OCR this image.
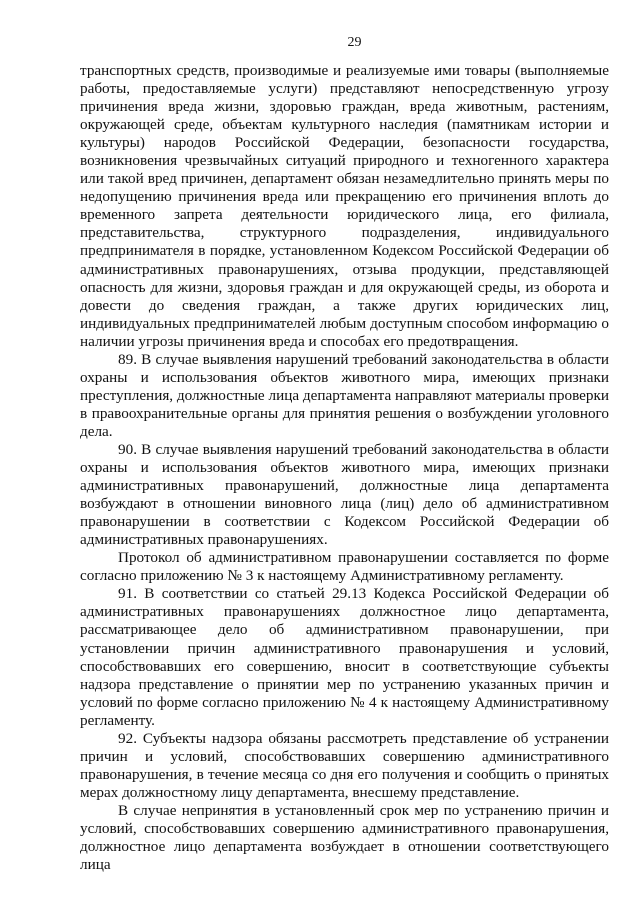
29

транспортных средств, производимые и реализуемые ими товары (выполняемые работы, предоставляемые услуги) представляют непосредственную угрозу причинения вреда жизни, здоровью граждан, вреда животным, растениям, окружающей среде, объектам культурного наследия (памятникам истории и культуры) народов Российской Федерации, безопасности государства, возникновения чрезвычайных ситуаций природного и техногенного характера или такой вред причинен, департамент обязан незамедлительно принять меры по недопущению причинения вреда или прекращению его причинения вплоть до временного запрета деятельности юридического лица, его филиала, представительства, структурного подразделения, индивидуального предпринимателя в порядке, установленном Кодексом Российской Федерации об административных правонарушениях, отзыва продукции, представляющей опасность для жизни, здоровья граждан и для окружающей среды, из оборота и довести до сведения граждан, а также других юридических лиц, индивидуальных предпринимателей любым доступным способом информацию о наличии угрозы причинения вреда и способах его предотвращения.

89. В случае выявления нарушений требований законодательства в области охраны и использования объектов животного мира, имеющих признаки преступления, должностные лица департамента направляют материалы проверки в правоохранительные органы для принятия решения о возбуждении уголовного дела.

90. В случае выявления нарушений требований законодательства в области охраны и использования объектов животного мира, имеющих признаки административных правонарушений, должностные лица департамента возбуждают в отношении виновного лица (лиц) дело об административном правонарушении в соответствии с Кодексом Российской Федерации об административных правонарушениях.

Протокол об административном правонарушении составляется по форме согласно приложению № 3 к настоящему Административному регламенту.

91. В соответствии со статьей 29.13 Кодекса Российской Федерации об административных правонарушениях должностное лицо департамента, рассматривающее дело об административном правонарушении, при установлении причин административного правонарушения и условий, способствовавших его совершению, вносит в соответствующие субъекты надзора представление о принятии мер по устранению указанных причин и условий по форме согласно приложению № 4 к настоящему Административному регламенту.

92. Субъекты надзора обязаны рассмотреть представление об устранении причин и условий, способствовавших совершению административного правонарушения, в течение месяца со дня его получения и сообщить о принятых мерах должностному лицу департамента, внесшему представление.

В случае непринятия в установленный срок мер по устранению причин и условий, способствовавших совершению административного правонарушения, должностное лицо департамента возбуждает в отношении соответствующего лица
